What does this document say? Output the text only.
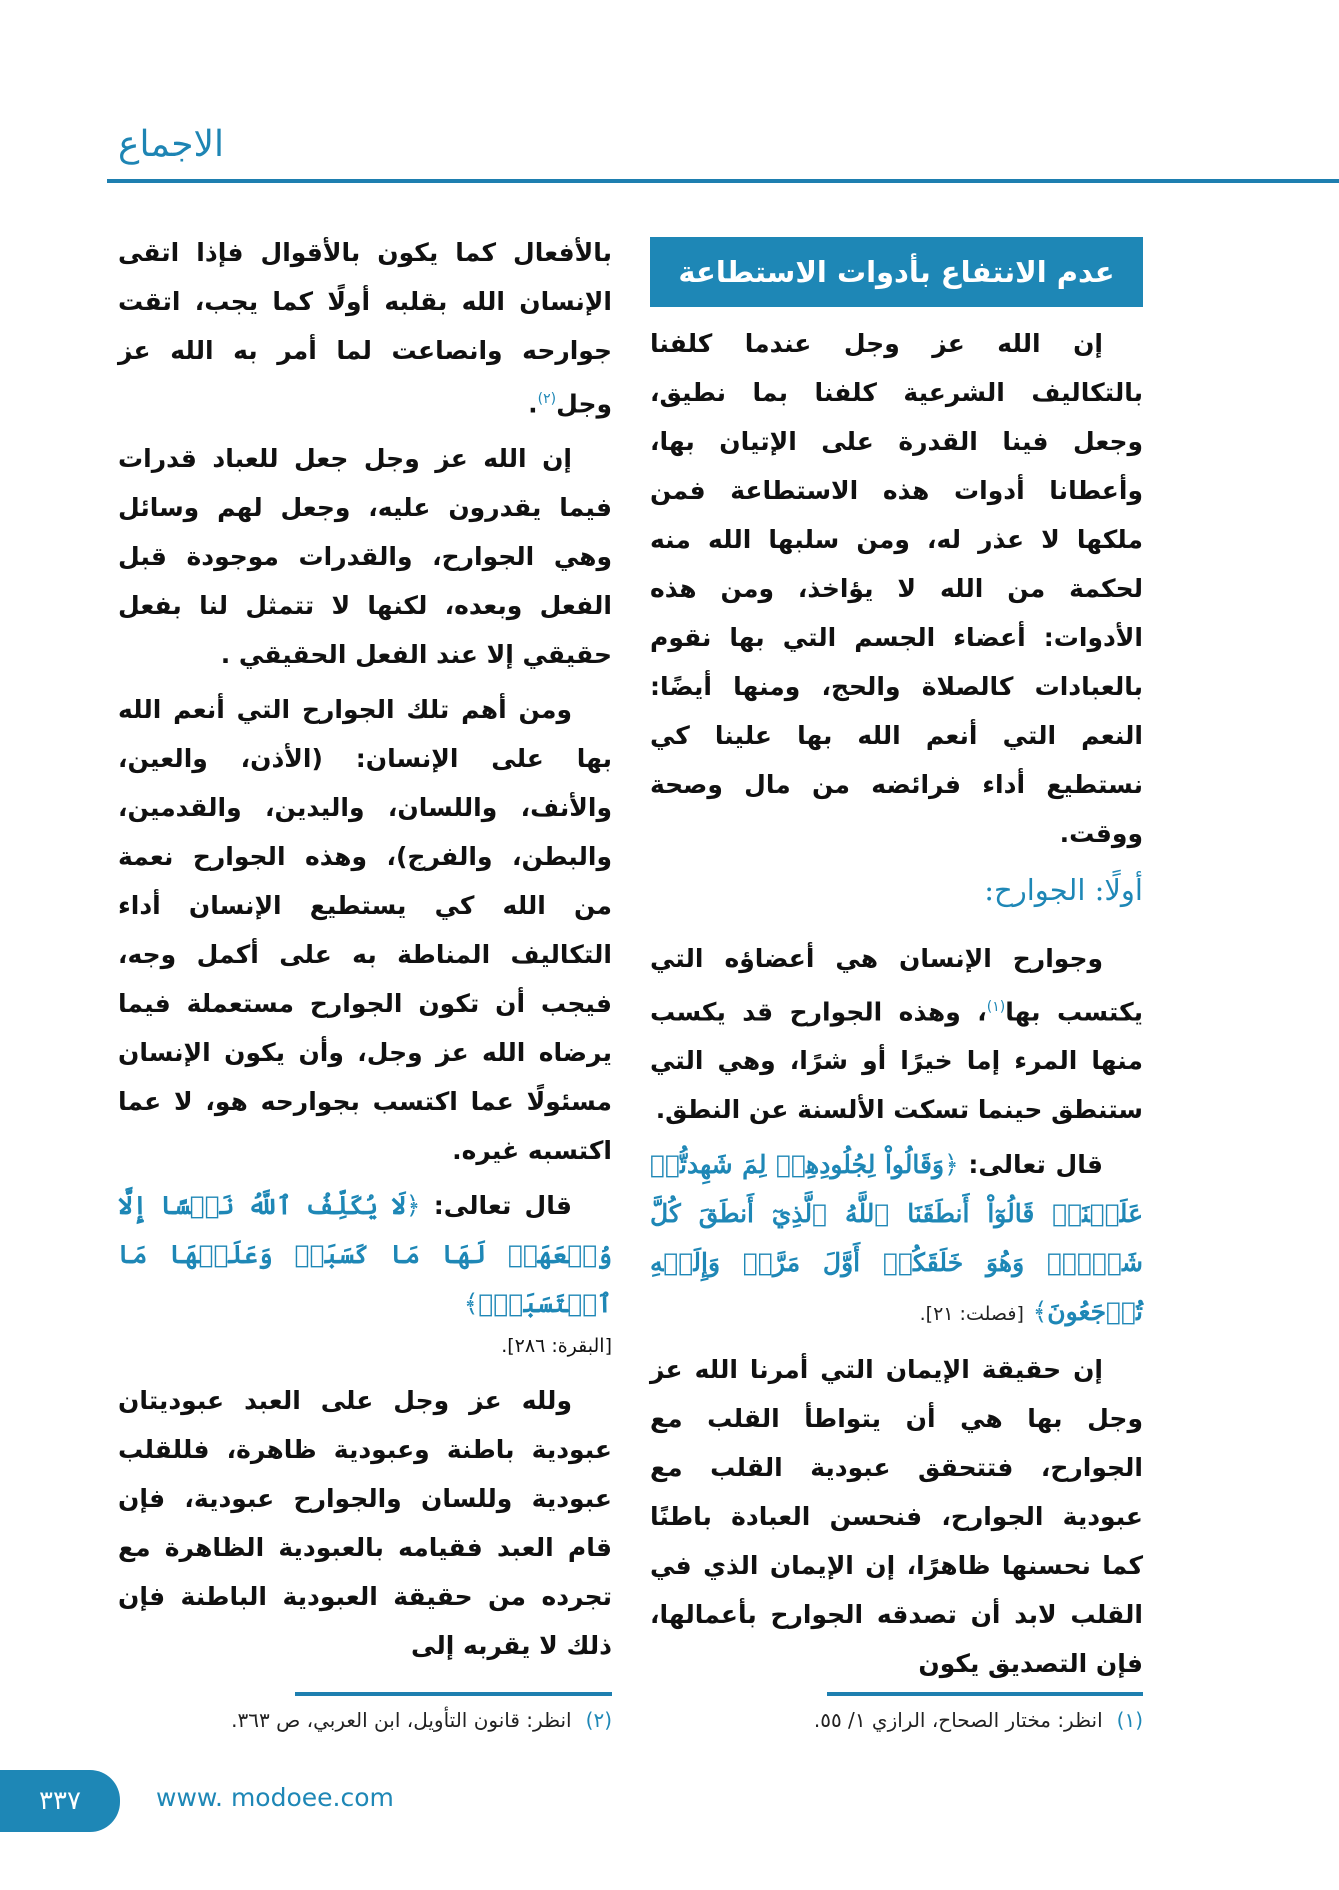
الاجماع
عدم الانتفاع بأدوات الاستطاعة

إن الله عز وجل عندما كلفنا بالتكاليف الشرعية كلفنا بما نطيق، وجعل فينا القدرة على الإتيان بها، وأعطانا أدوات هذه الاستطاعة فمن ملكها لا عذر له، ومن سلبها الله منه لحكمة من الله لا يؤاخذ، ومن هذه الأدوات: أعضاء الجسم التي بها نقوم بالعبادات كالصلاة والحج، ومنها أيضًا: النعم التي أنعم الله بها علينا كي نستطيع أداء فرائضه من مال وصحة ووقت.

أولًا: الجوارح:

وجوارح الإنسان هي أعضاؤه التي يكتسب بها$^{(١)}$، وهذه الجوارح قد يكسب منها المرء إما خيرًا أو شرًا، وهي التي ستنطق حينما تسكت الألسنة عن النطق.

قال تعالى: ﴿وَقَالُواْ لِجُلُودِهِمۡ لِمَ شَهِدتُّمۡ عَلَيۡنَاۖ قَالُوٓاْ أَنطَقَنَا ٱللَّهُ ٱلَّذِيٓ أَنطَقَ كُلَّ شَيۡءٖۚ وَهُوَ خَلَقَكُمۡ أَوَّلَ مَرَّةٖ وَإِلَيۡهِ تُرۡجَعُونَ﴾ [فصلت: ٢١].

إن حقيقة الإيمان التي أمرنا الله عز وجل بها هي أن يتواطأ القلب مع الجوارح، فتتحقق عبودية القلب مع عبودية الجوارح، فنحسن العبادة باطنًا كما نحسنها ظاهرًا، إن الإيمان الذي في القلب لابد أن تصدقه الجوارح بأعمالها، فإن التصديق يكون

بالأفعال كما يكون بالأقوال فإذا اتقى الإنسان الله بقلبه أولًا كما يجب، اتقت جوارحه وانصاعت لما أمر به الله عز وجل$^{(٢)}$.

إن الله عز وجل جعل للعباد قدرات فيما يقدرون عليه، وجعل لهم وسائل وهي الجوارح، والقدرات موجودة قبل الفعل وبعده، لكنها لا تتمثل لنا بفعل حقيقي إلا عند الفعل الحقيقي .

ومن أهم تلك الجوارح التي أنعم الله بها على الإنسان: (الأذن، والعين، والأنف، واللسان، واليدين، والقدمين، والبطن، والفرج)، وهذه الجوارح نعمة من الله كي يستطيع الإنسان أداء التكاليف المناطة به على أكمل وجه، فيجب أن تكون الجوارح مستعملة فيما يرضاه الله عز وجل، وأن يكون الإنسان مسئولًا عما اكتسب بجوارحه هو، لا عما اكتسبه غيره.

قال تعالى: ﴿لَا يُكَلِّفُ ٱللَّهُ نَفۡسًا إِلَّا وُسۡعَهَاۚ لَهَا مَا كَسَبَتۡ وَعَلَيۡهَا مَا ٱكۡتَسَبَتۡۗ﴾

[البقرة: ٢٨٦].

ولله عز وجل على العبد عبوديتان عبودية باطنة وعبودية ظاهرة، فللقلب عبودية وللسان والجوارح عبودية، فإن قام العبد فقيامه بالعبودية الظاهرة مع تجرده من حقيقة العبودية الباطنة فإن ذلك لا يقربه إلى

(١)انظر: مختار الصحاح، الرازي ١/ ٥٥.
(٢)انظر: قانون التأويل، ابن العربي، ص ٣٦٣.
٣٣٧	www. modoee.com
